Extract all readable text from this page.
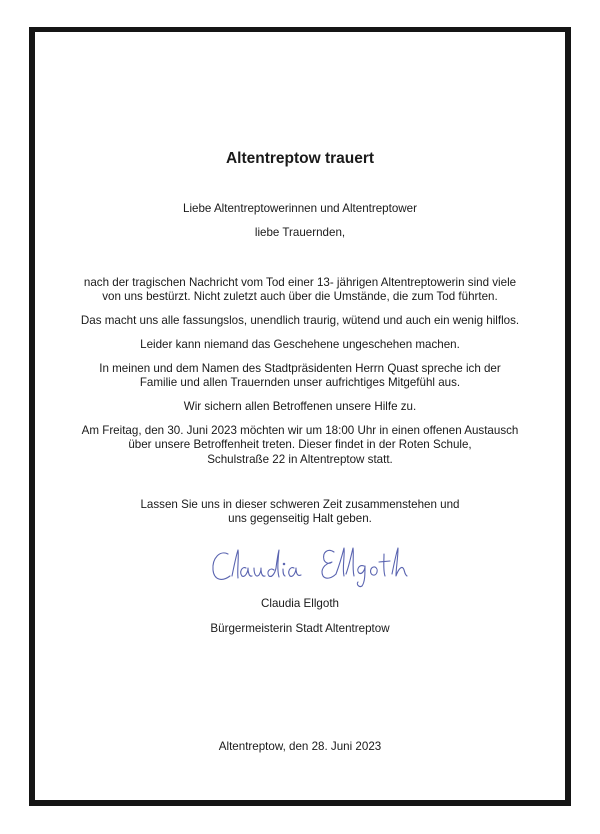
Altentreptow trauert
Liebe Altentreptowerinnen und Altentreptower
liebe Trauernden,
nach der tragischen Nachricht vom Tod einer 13- jährigen Altentreptowerin sind viele
von uns bestürzt. Nicht zuletzt auch über die Umstände, die zum Tod führten.
Das macht uns alle fassungslos, unendlich traurig, wütend und auch ein wenig hilflos.
Leider kann niemand das Geschehene ungeschehen machen.
In meinen und dem Namen des Stadtpräsidenten Herrn Quast spreche ich der
Familie und allen Trauernden unser aufrichtiges Mitgefühl aus.
Wir sichern allen Betroffenen unsere Hilfe zu.
Am Freitag, den 30. Juni 2023 möchten wir um 18:00 Uhr in einen offenen Austausch
über unsere Betroffenheit treten. Dieser findet in der Roten Schule,
Schulstraße 22 in Altentreptow statt.
Lassen Sie uns in dieser schweren Zeit zusammenstehen und
uns gegenseitig Halt geben.
Claudia Ellgoth
Bürgermeisterin Stadt Altentreptow
Altentreptow, den 28. Juni 2023
